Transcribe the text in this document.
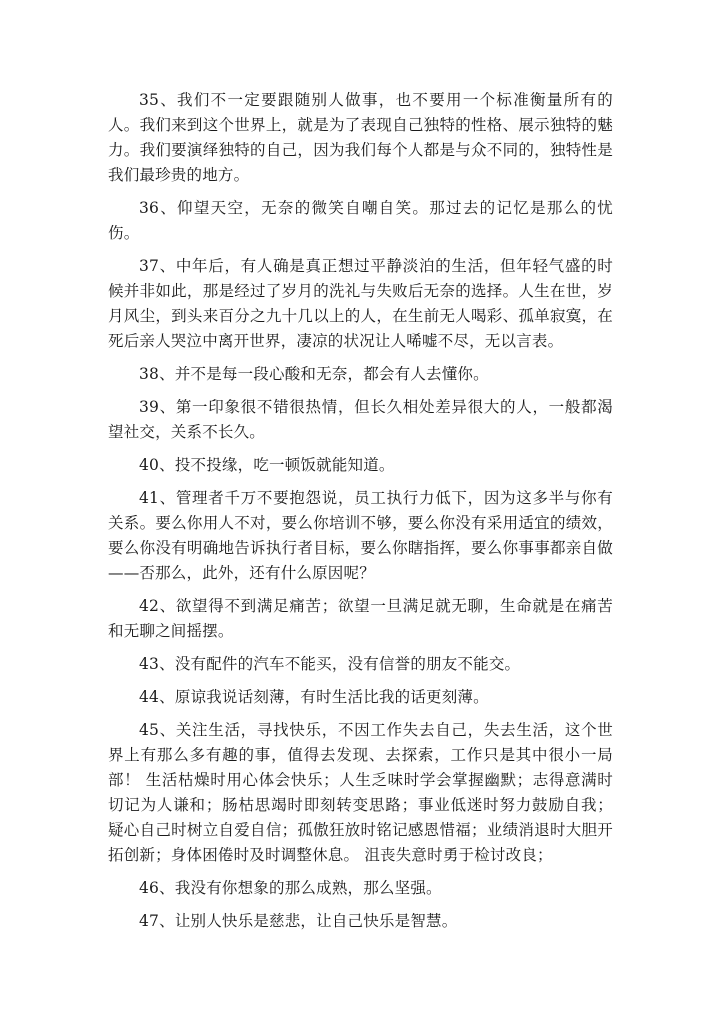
35、我们不一定要跟随别人做事，也不要用一个标准衡量所有的人。我们来到这个世界上，就是为了表现自己独特的性格、展示独特的魅力。我们要演绎独特的自己，因为我们每个人都是与众不同的，独特性是我们最珍贵的地方。

36、仰望天空，无奈的微笑自嘲自笑。那过去的记忆是那么的忧伤。

37、中年后，有人确是真正想过平静淡泊的生活，但年轻气盛的时候并非如此，那是经过了岁月的洗礼与失败后无奈的选择。人生在世，岁月风尘，到头来百分之九十几以上的人，在生前无人喝彩、孤单寂寞，在死后亲人哭泣中离开世界，凄凉的状况让人唏嘘不尽，无以言表。

38、并不是每一段心酸和无奈，都会有人去懂你。

39、第一印象很不错很热情，但长久相处差异很大的人，一般都渴望社交，关系不长久。

40、投不投缘，吃一顿饭就能知道。

41、管理者千万不要抱怨说，员工执行力低下，因为这多半与你有关系。要么你用人不对，要么你培训不够，要么你没有采用适宜的绩效，要么你没有明确地告诉执行者目标，要么你瞎指挥，要么你事事都亲自做——否那么，此外，还有什么原因呢？

42、欲望得不到满足痛苦；欲望一旦满足就无聊，生命就是在痛苦和无聊之间摇摆。

43、没有配件的汽车不能买，没有信誉的朋友不能交。

44、原谅我说话刻薄，有时生活比我的话更刻薄。

45、关注生活，寻找快乐，不因工作失去自己，失去生活，这个世界上有那么多有趣的事，值得去发现、去探索，工作只是其中很小一局部！ 生活枯燥时用心体会快乐；人生乏味时学会掌握幽默；志得意满时切记为人谦和；肠枯思竭时即刻转变思路；事业低迷时努力鼓励自我； 疑心自己时树立自爱自信；孤傲狂放时铭记感恩惜福；业绩消退时大胆开拓创新；身体困倦时及时调整休息。 沮丧失意时勇于检讨改良；

46、我没有你想象的那么成熟，那么坚强。

47、让别人快乐是慈悲，让自己快乐是智慧。
